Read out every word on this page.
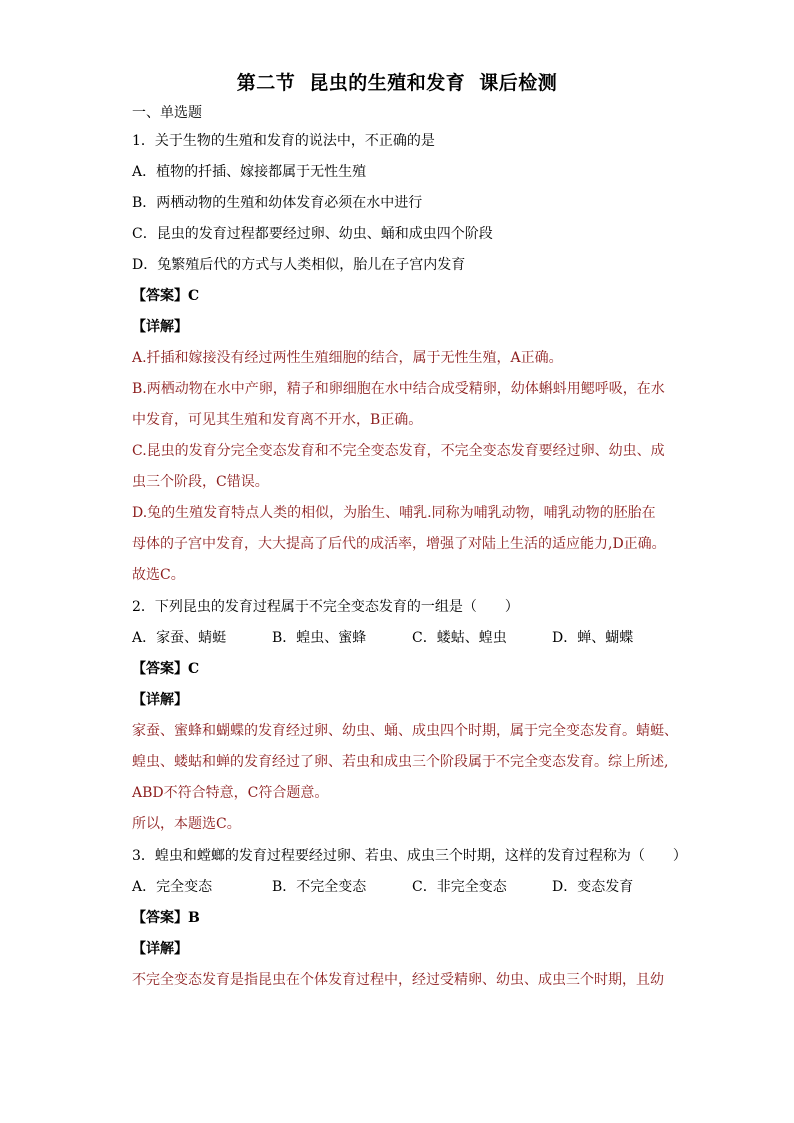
第二节 昆虫的生殖和发育 课后检测
一、单选题
1．关于生物的生殖和发育的说法中，不正确的是
A．植物的扦插、嫁接都属于无性生殖
B．两栖动物的生殖和幼体发育必须在水中进行
C．昆虫的发育过程都要经过卵、幼虫、蛹和成虫四个阶段
D．兔繁殖后代的方式与人类相似，胎儿在子宫内发育
【答案】C
【详解】
A.扦插和嫁接没有经过两性生殖细胞的结合，属于无性生殖，A正确。
B.两栖动物在水中产卵，精子和卵细胞在水中结合成受精卵，幼体蝌蚪用鳃呼吸，在水
中发育，可见其生殖和发育离不开水，B正确。
C.昆虫的发育分完全变态发育和不完全变态发育，不完全变态发育要经过卵、幼虫、成
虫三个阶段，C错误。
D.兔的生殖发育特点人类的相似，为胎生、哺乳.同称为哺乳动物，哺乳动物的胚胎在
母体的子宫中发育，大大提高了后代的成活率，增强了对陆上生活的适应能力,D正确。
故选C。
2．下列昆虫的发育过程属于不完全变态发育的一组是（　　）
A．家蚕、蜻蜓	B．蝗虫、蜜蜂	C．蝼蛄、蝗虫	D．蝉、蝴蝶
【答案】C
【详解】
家蚕、蜜蜂和蝴蝶的发育经过卵、幼虫、蛹、成虫四个时期，属于完全变态发育。蜻蜓、
蝗虫、蝼蛄和蝉的发育经过了卵、若虫和成虫三个阶段属于不完全变态发育。综上所述,
ABD不符合特意，C符合题意。
所以，本题选C。
3．蝗虫和螳螂的发育过程要经过卵、若虫、成虫三个时期，这样的发育过程称为（　　）
A．完全变态	B．不完全变态	C．非完全变态	D．变态发育
【答案】B
【详解】
不完全变态发育是指昆虫在个体发育过程中，经过受精卵、幼虫、成虫三个时期，且幼
